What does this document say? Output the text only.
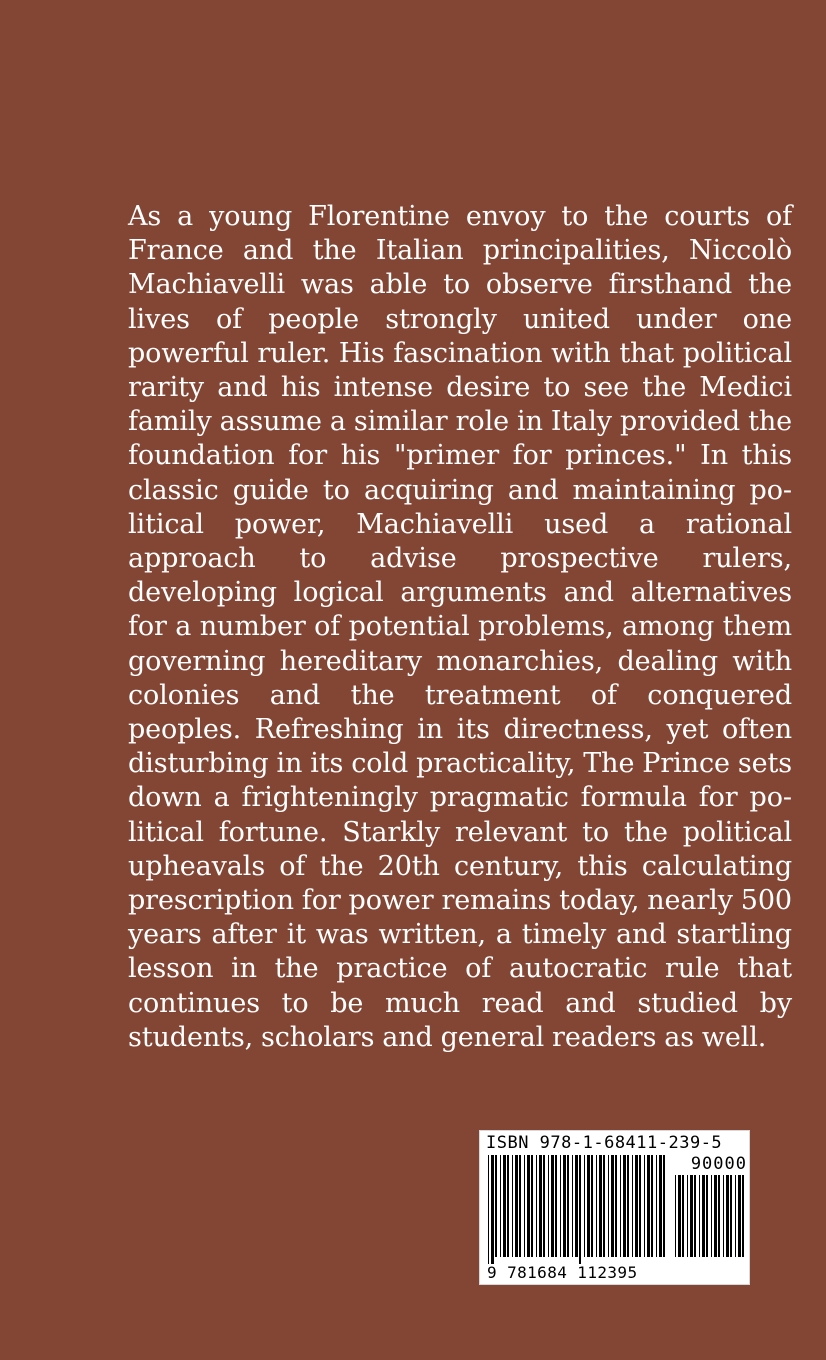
As a young Florentine envoy to the courts of France and the Italian principalities, Niccolò Machiavelli was able to observe firsthand the lives of people strongly united under one powerful ruler. His fascination with that political rarity and his intense desire to see the Medici family assume a similar role in Italy provided the foundation for his "primer for princes." In this classic guide to acquiring and maintaining political power, Machiavelli used a rational approach to advise prospective rulers, developing logical arguments and alternatives for a number of potential problems, among them governing hereditary monarchies, dealing with colonies and the treatment of conquered peoples. Refreshing in its directness, yet often disturbing in its cold practicality, The Prince sets down a frighteningly pragmatic formula for political fortune. Starkly relevant to the political upheavals of the 20th century, this calculating prescription for power remains today, nearly 500 years after it was written, a timely and startling lesson in the practice of autocratic rule that continues to be much read and studied by students, scholars and general readers as well.

ISBN 978-1-68411-239-5
90000
9 781684 112395
